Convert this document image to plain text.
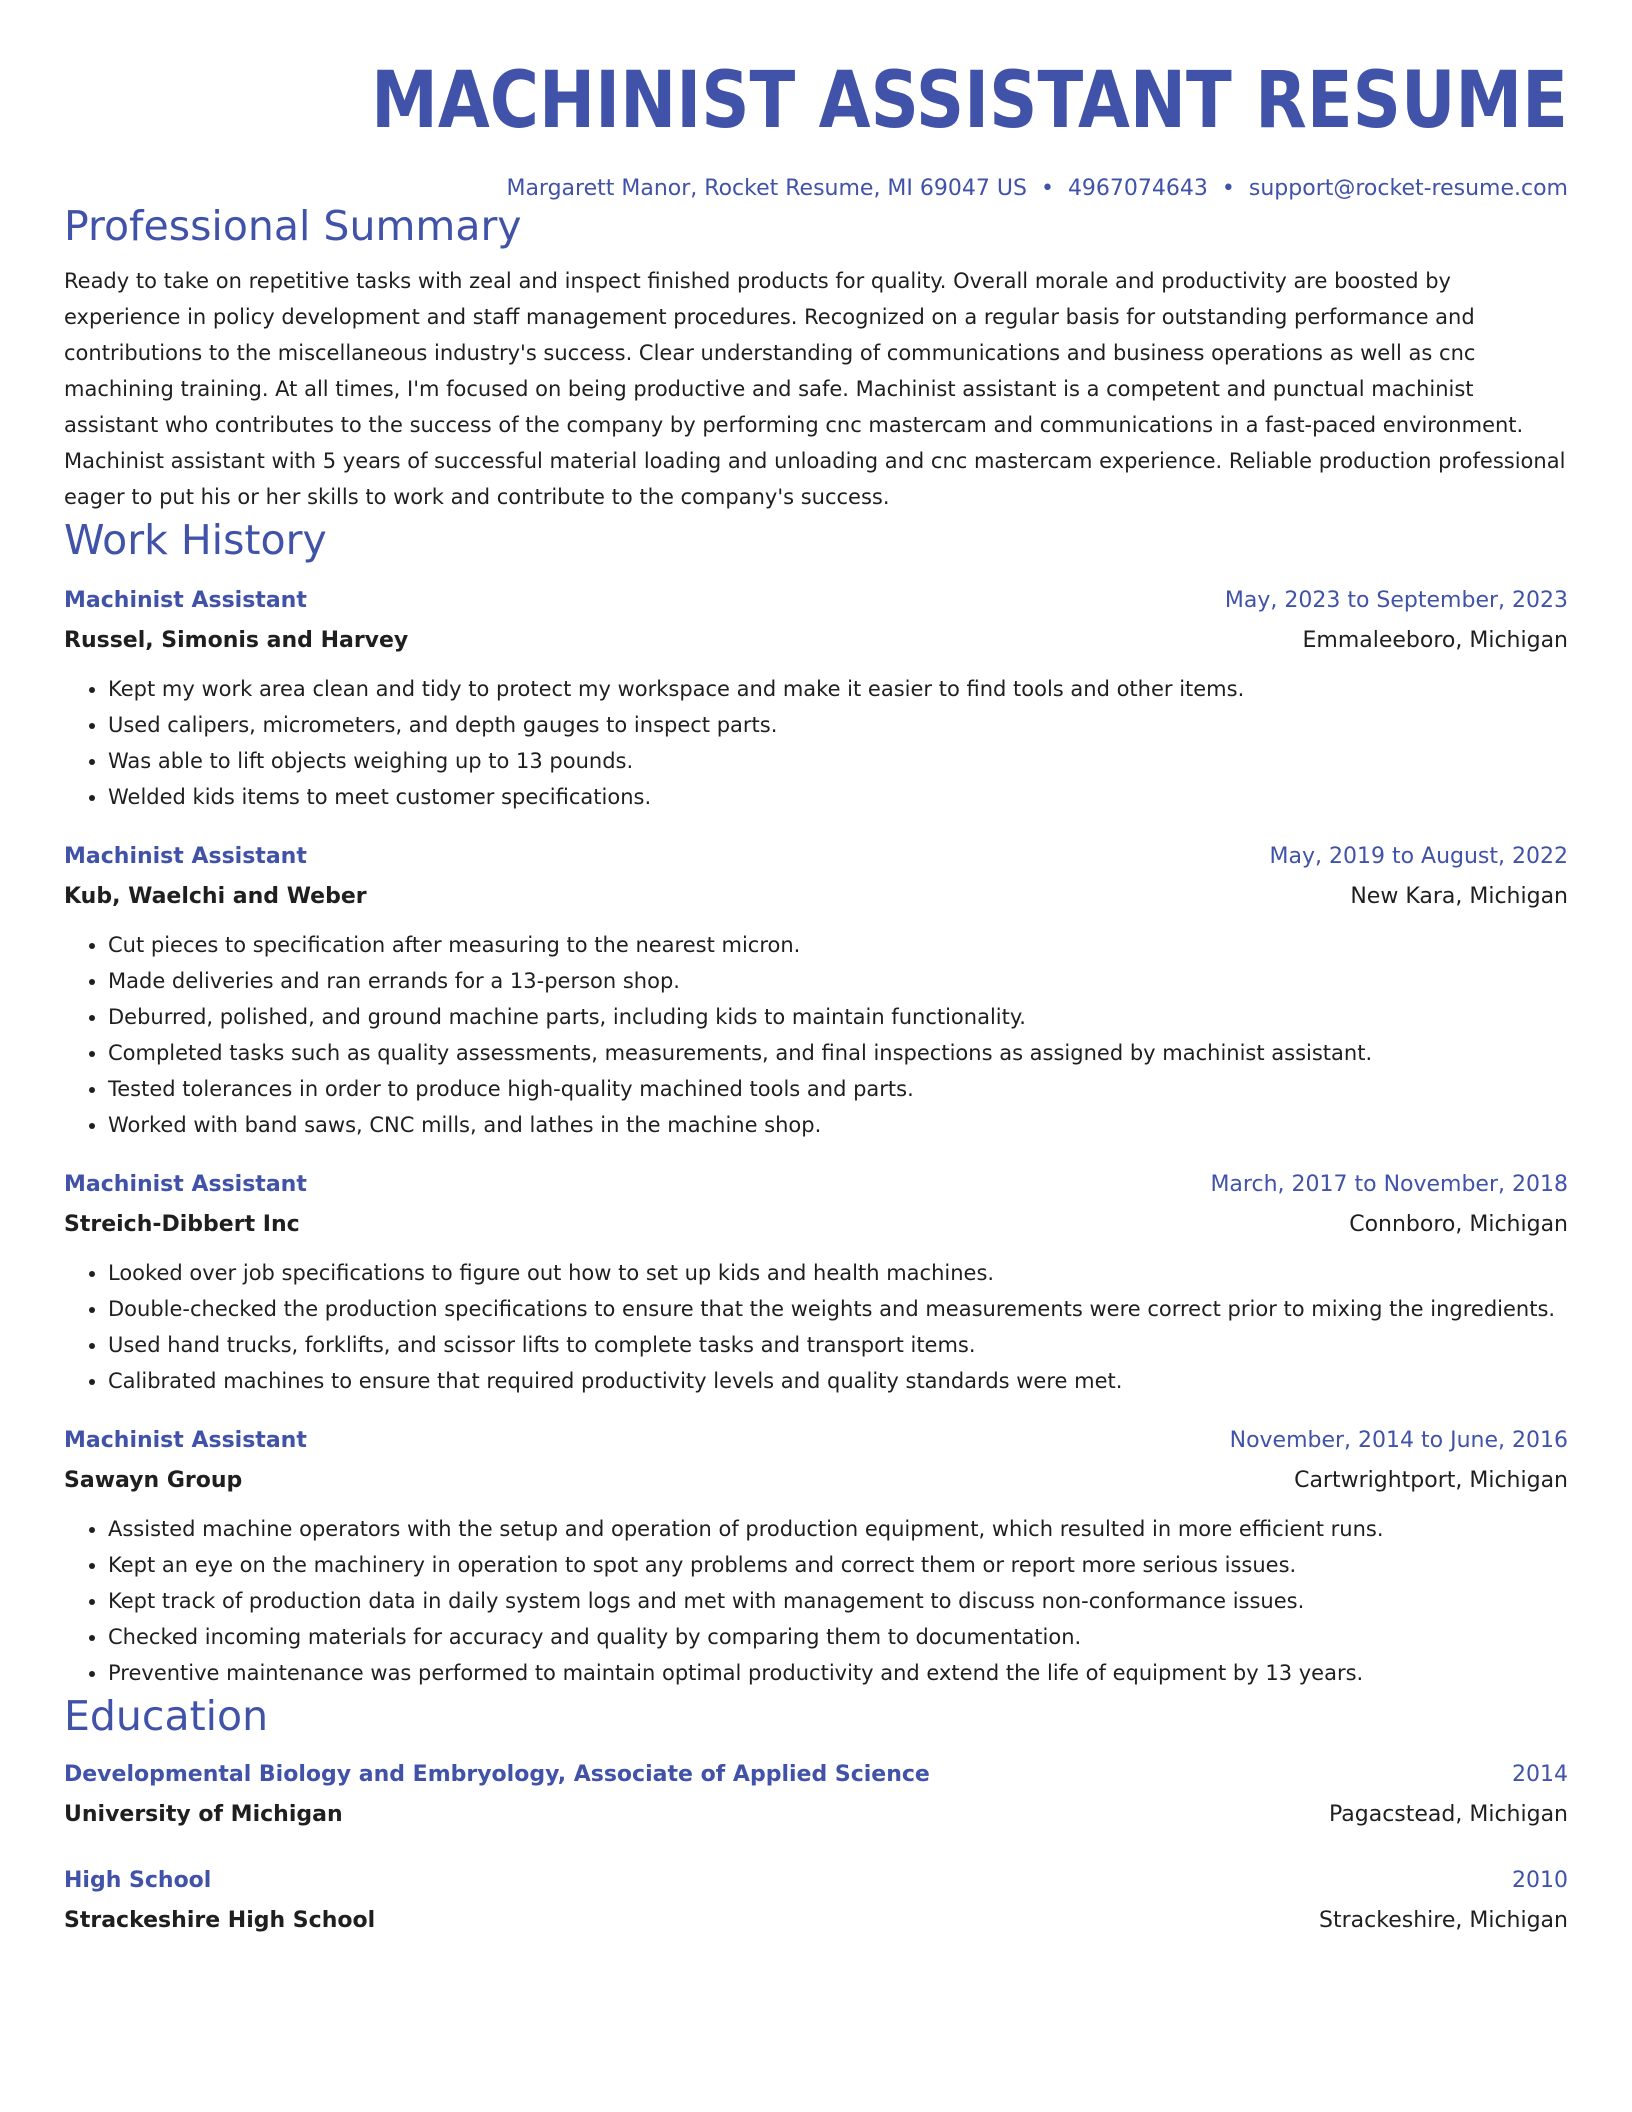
MACHINIST ASSISTANT RESUME
Margarett Manor, Rocket Resume, MI 69047 US • 4967074643 • support@rocket-resume.com
Professional Summary

Ready to take on repetitive tasks with zeal and inspect finished products for quality. Overall morale and productivity are boosted by experience in policy development and staff management procedures. Recognized on a regular basis for outstanding performance and contributions to the miscellaneous industry's success. Clear understanding of communications and business operations as well as cnc machining training. At all times, I'm focused on being productive and safe. Machinist assistant is a competent and punctual machinist assistant who contributes to the success of the company by performing cnc mastercam and communications in a fast-paced environment. Machinist assistant with 5 years of successful material loading and unloading and cnc mastercam experience. Reliable production professional eager to put his or her skills to work and contribute to the company's success.

Work History
Machinist Assistant	May, 2023 to September, 2023
Russel, Simonis and Harvey	Emmaleeboro, Michigan
• Kept my work area clean and tidy to protect my workspace and make it easier to find tools and other items.
• Used calipers, micrometers, and depth gauges to inspect parts.
• Was able to lift objects weighing up to 13 pounds.
• Welded kids items to meet customer specifications.
Machinist Assistant	May, 2019 to August, 2022
Kub, Waelchi and Weber	New Kara, Michigan
• Cut pieces to specification after measuring to the nearest micron.
• Made deliveries and ran errands for a 13-person shop.
• Deburred, polished, and ground machine parts, including kids to maintain functionality.
• Completed tasks such as quality assessments, measurements, and final inspections as assigned by machinist assistant.
• Tested tolerances in order to produce high-quality machined tools and parts.
• Worked with band saws, CNC mills, and lathes in the machine shop.
Machinist Assistant	March, 2017 to November, 2018
Streich-Dibbert Inc	Connboro, Michigan
• Looked over job specifications to figure out how to set up kids and health machines.
• Double-checked the production specifications to ensure that the weights and measurements were correct prior to mixing the ingredients.
• Used hand trucks, forklifts, and scissor lifts to complete tasks and transport items.
• Calibrated machines to ensure that required productivity levels and quality standards were met.
Machinist Assistant	November, 2014 to June, 2016
Sawayn Group	Cartwrightport, Michigan
• Assisted machine operators with the setup and operation of production equipment, which resulted in more efficient runs.
• Kept an eye on the machinery in operation to spot any problems and correct them or report more serious issues.
• Kept track of production data in daily system logs and met with management to discuss non-conformance issues.
• Checked incoming materials for accuracy and quality by comparing them to documentation.
• Preventive maintenance was performed to maintain optimal productivity and extend the life of equipment by 13 years.
Education
Developmental Biology and Embryology, Associate of Applied Science	2014
University of Michigan	Pagacstead, Michigan
High School	2010
Strackeshire High School	Strackeshire, Michigan
